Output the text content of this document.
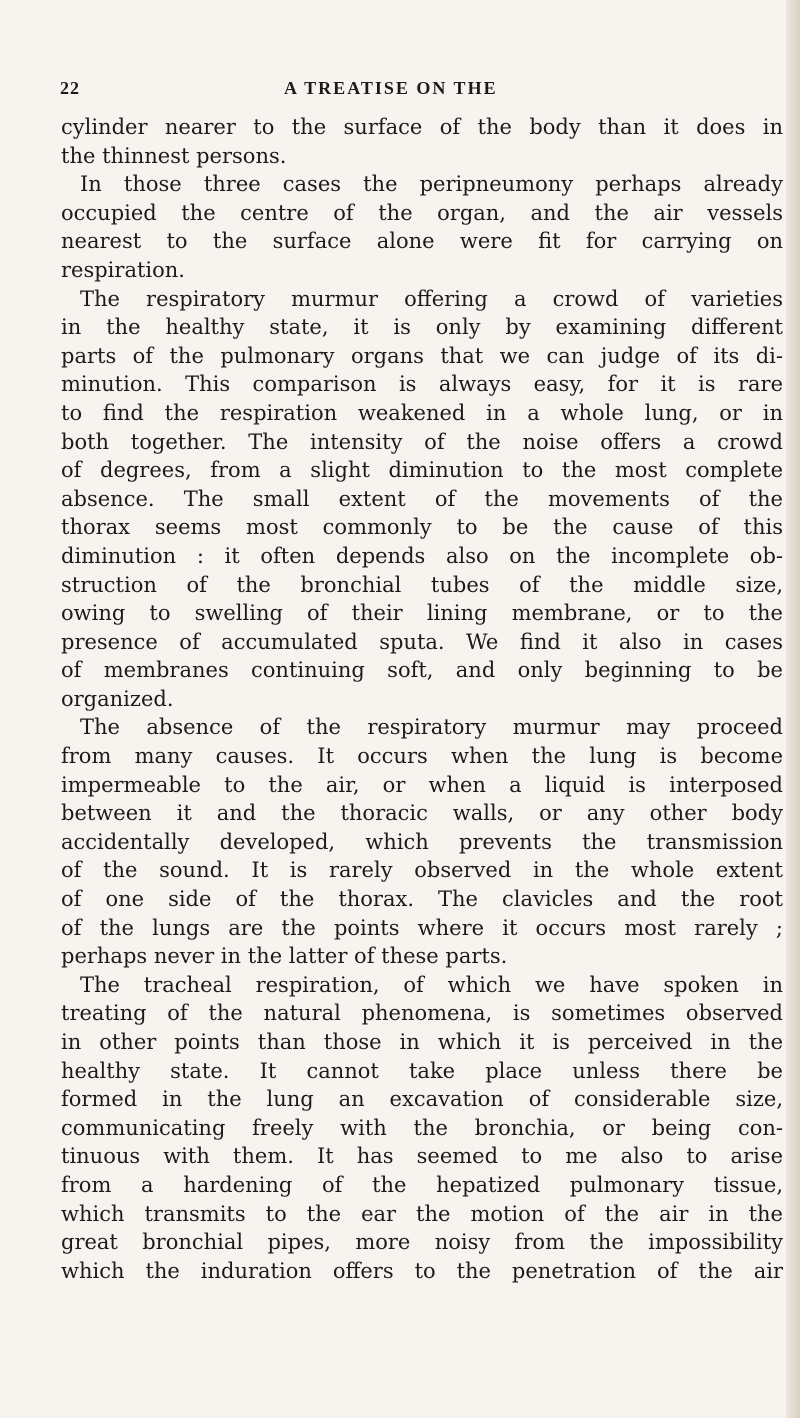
22	A TREATISE ON THE
cylinder nearer to the surface of the body than it does in
the thinnest persons.
In those three cases the peripneumony perhaps already
occupied the centre of the organ, and the air vessels
nearest to the surface alone were fit for carrying on
respiration.
The respiratory murmur offering a crowd of varieties
in the healthy state, it is only by examining different
parts of the pulmonary organs that we can judge of its di-
minution. This comparison is always easy, for it is rare
to find the respiration weakened in a whole lung, or in
both together. The intensity of the noise offers a crowd
of degrees, from a slight diminution to the most complete
absence. The small extent of the movements of the
thorax seems most commonly to be the cause of this
diminution : it often depends also on the incomplete ob-
struction of the bronchial tubes of the middle size,
owing to swelling of their lining membrane, or to the
presence of accumulated sputa. We find it also in cases
of membranes continuing soft, and only beginning to be
organized.
The absence of the respiratory murmur may proceed
from many causes. It occurs when the lung is become
impermeable to the air, or when a liquid is interposed
between it and the thoracic walls, or any other body
accidentally developed, which prevents the transmission
of the sound. It is rarely observed in the whole extent
of one side of the thorax. The clavicles and the root
of the lungs are the points where it occurs most rarely ;
perhaps never in the latter of these parts.
The tracheal respiration, of which we have spoken in
treating of the natural phenomena, is sometimes observed
in other points than those in which it is perceived in the
healthy state. It cannot take place unless there be
formed in the lung an excavation of considerable size,
communicating freely with the bronchia, or being con-
tinuous with them. It has seemed to me also to arise
from a hardening of the hepatized pulmonary tissue,
which transmits to the ear the motion of the air in the
great bronchial pipes, more noisy from the impossibility
which the induration offers to the penetration of the air
